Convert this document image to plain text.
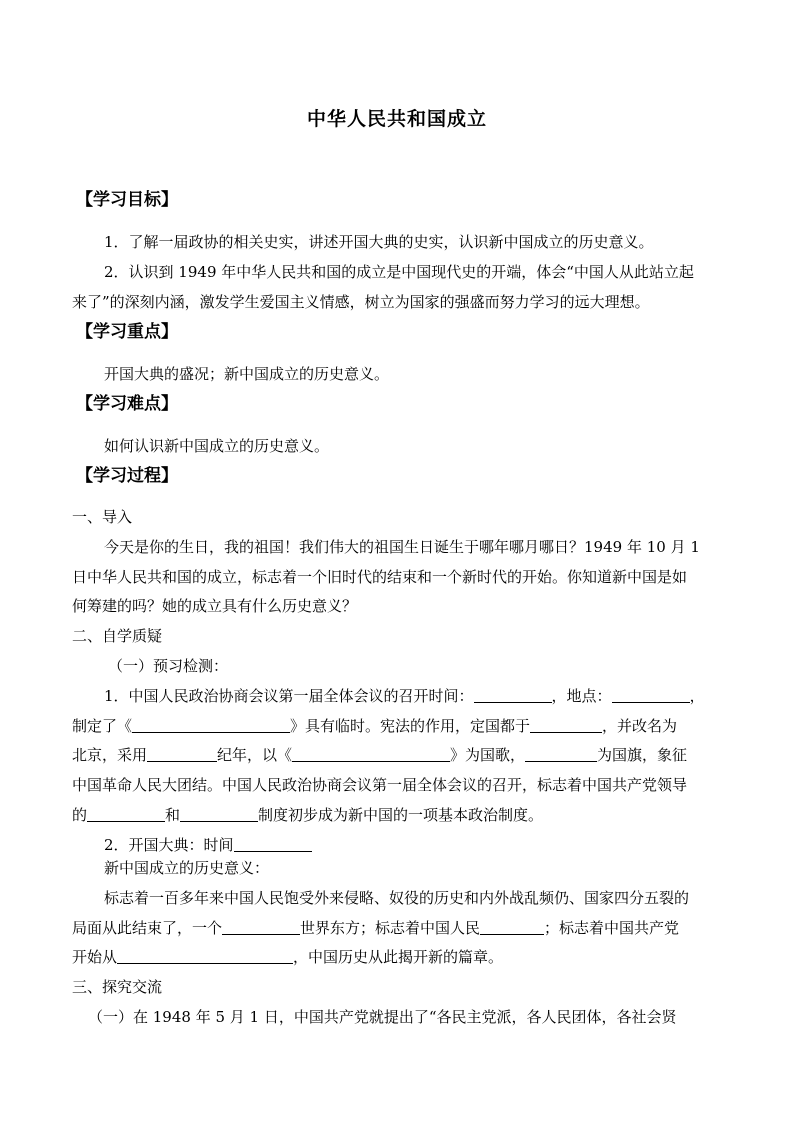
中华人民共和国成立
【学习目标】
1．了解一届政协的相关史实，讲述开国大典的史实，认识新中国成立的历史意义。
2．认识到 1949 年中华人民共和国的成立是中国现代史的开端，体会“中国人从此站立起
来了”的深刻内涵，激发学生爱国主义情感，树立为国家的强盛而努力学习的远大理想。
【学习重点】
开国大典的盛况；新中国成立的历史意义。
【学习难点】
如何认识新中国成立的历史意义。
【学习过程】
一、导入
今天是你的生日，我的祖国！我们伟大的祖国生日诞生于哪年哪月哪日？1949 年 10 月 1
日中华人民共和国的成立，标志着一个旧时代的结束和一个新时代的开始。你知道新中国是如
何筹建的吗？她的成立具有什么历史意义？
二、自学质疑
（一）预习检测：
1．中国人民政治协商会议第一届全体会议的召开时间：	，地点：	，
制定了《	》具有临时。宪法的作用，定国都于	，并改名为
北京，采用	纪年，以《	》为国歌，	为国旗，象征
中国革命人民大团结。中国人民政治协商会议第一届全体会议的召开，标志着中国共产党领导
的	和	制度初步成为新中国的一项基本政治制度。
2．开国大典：时间
新中国成立的历史意义：
标志着一百多年来中国人民饱受外来侵略、奴役的历史和内外战乱频仍、国家四分五裂的
局面从此结束了，一个	世界东方；标志着中国人民	；标志着中国共产党
开始从	，中国历史从此揭开新的篇章。
三、探究交流
（一）在 1948 年 5 月 1 日，中国共产党就提出了“各民主党派，各人民团体，各社会贤
